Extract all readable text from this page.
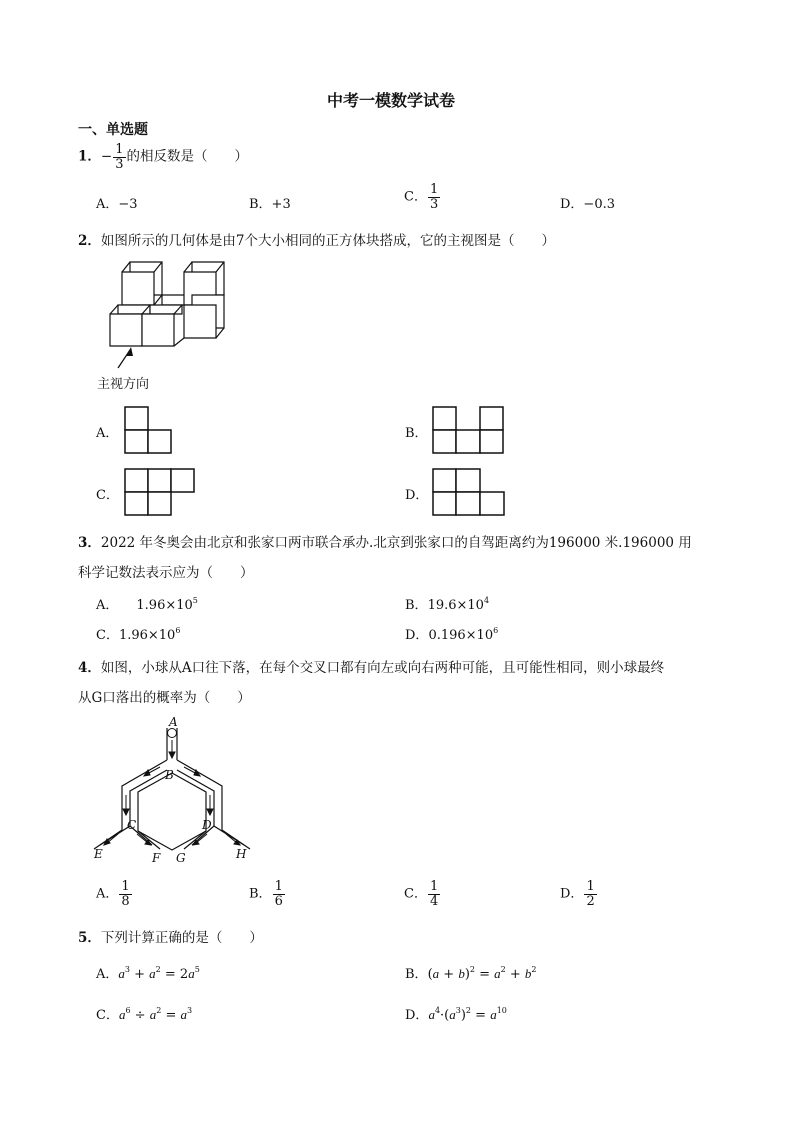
中考一模数学试卷
一、单选题
1．− $\frac{1}{3}$ 的相反数是（　　）
A．−3	B．+3	C． $\frac{1}{3}$	D．−0.3
2．如图所示的几何体是由7个大小相同的正方体块搭成，它的主视图是（　　）
主视方向
A．	B．
C．	D．
3．2022 年冬奥会由北京和张家口两市联合承办.北京到张家口的自驾距离约为196000 米.196000 用
科学记数法表示应为（　　）
A． $1.96\times 10^5$	B．$19.6\times 10^4$
C．$1.96\times 10^6$	D．$0.196\times 10^6$
4．如图，小球从A口往下落，在每个交叉口都有向左或向右两种可能，且可能性相同，则小球最终
从G口落出的概率为（　　）
A
B
C	D
E	F G	H
A． $\frac{1}{8}$	B． $\frac{1}{6}$	C． $\frac{1}{4}$	D． $\frac{1}{2}$
5．下列计算正确的是（　　）
A．$a^3 + a^2 = 2a^5$	B．$(a + b)^2 = a^2 + b^2$
C．$a^6 \div a^2 = a^3$	D．$a^4\cdot(a^3)^2 = a^{10}$
